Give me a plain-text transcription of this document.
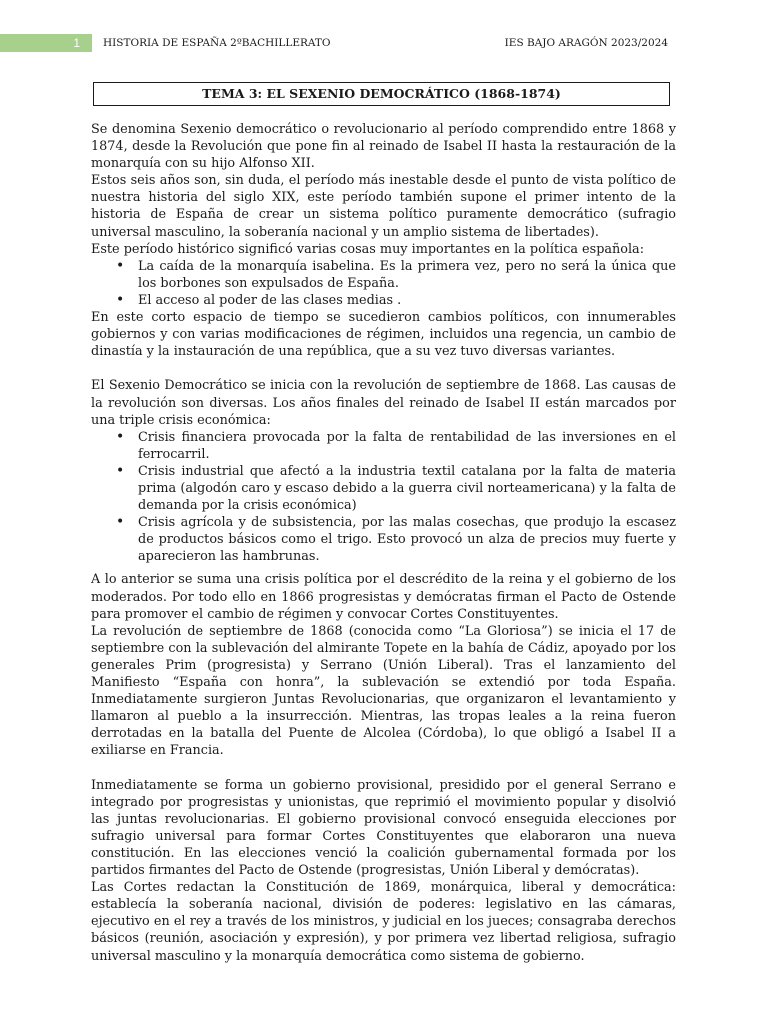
1	HISTORIA DE ESPAÑA 2ºBACHILLERATO	IES BAJO ARAGÓN 2023/2024
TEMA 3: EL SEXENIO DEMOCRÁTICO (1868-1874)

Se denomina Sexenio democrático o revolucionario al período comprendido entre 1868 y 1874, desde la Revolución que pone fin al reinado de Isabel II hasta la restauración de la monarquía con su hijo Alfonso XII.

Estos seis años son, sin duda, el período más inestable desde el punto de vista político de nuestra historia del siglo XIX, este período también supone el primer intento de la historia de España de crear un sistema político puramente democrático (sufragio universal masculino, la soberanía nacional y un amplio sistema de libertades).

Este período histórico significó varias cosas muy importantes en la política española:

• La caída de la monarquía isabelina. Es la primera vez, pero no será la única que los borbones son expulsados de España.
• El acceso al poder de las clases medias .

En este corto espacio de tiempo se sucedieron cambios políticos, con innumerables gobiernos y con varias modificaciones de régimen, incluidos una regencia, un cambio de dinastía y la instauración de una república, que a su vez tuvo diversas variantes.

El Sexenio Democrático se inicia con la revolución de septiembre de 1868. Las causas de la revolución son diversas. Los años finales del reinado de Isabel II están marcados por una triple crisis económica:

• Crisis financiera provocada por la falta de rentabilidad de las inversiones en el ferrocarril.
• Crisis industrial que afectó a la industria textil catalana por la falta de materia prima (algodón caro y escaso debido a la guerra civil norteamericana) y la falta de demanda por la crisis económica)
• Crisis agrícola y de subsistencia, por las malas cosechas, que produjo la escasez de productos básicos como el trigo. Esto provocó un alza de precios muy fuerte y aparecieron las hambrunas.

A lo anterior se suma una crisis política por el descrédito de la reina y el gobierno de los moderados. Por todo ello en 1866 progresistas y demócratas firman el Pacto de Ostende para promover el cambio de régimen y convocar Cortes Constituyentes.

La revolución de septiembre de 1868 (conocida como “La Gloriosa”) se inicia el 17 de septiembre con la sublevación del almirante Topete en la bahía de Cádiz, apoyado por los generales Prim (progresista) y Serrano (Unión Liberal). Tras el lanzamiento del Manifiesto “España con honra”, la sublevación se extendió por toda España. Inmediatamente surgieron Juntas Revolucionarias, que organizaron el levantamiento y llamaron al pueblo a la insurrección. Mientras, las tropas leales a la reina fueron derrotadas en la batalla del Puente de Alcolea (Córdoba), lo que obligó a Isabel II a exiliarse en Francia.

Inmediatamente se forma un gobierno provisional, presidido por el general Serrano e integrado por progresistas y unionistas, que reprimió el movimiento popular y disolvió las juntas revolucionarias. El gobierno provisional convocó enseguida elecciones por sufragio universal para formar Cortes Constituyentes que elaboraron una nueva constitución. En las elecciones venció la coalición gubernamental formada por los partidos firmantes del Pacto de Ostende (progresistas, Unión Liberal y demócratas).

Las Cortes redactan la Constitución de 1869, monárquica, liberal y democrática: establecía la soberanía nacional, división de poderes: legislativo en las cámaras, ejecutivo en el rey a través de los ministros, y judicial en los jueces; consagraba derechos básicos (reunión, asociación y expresión), y por primera vez libertad religiosa, sufragio universal masculino y la monarquía democrática como sistema de gobierno.
